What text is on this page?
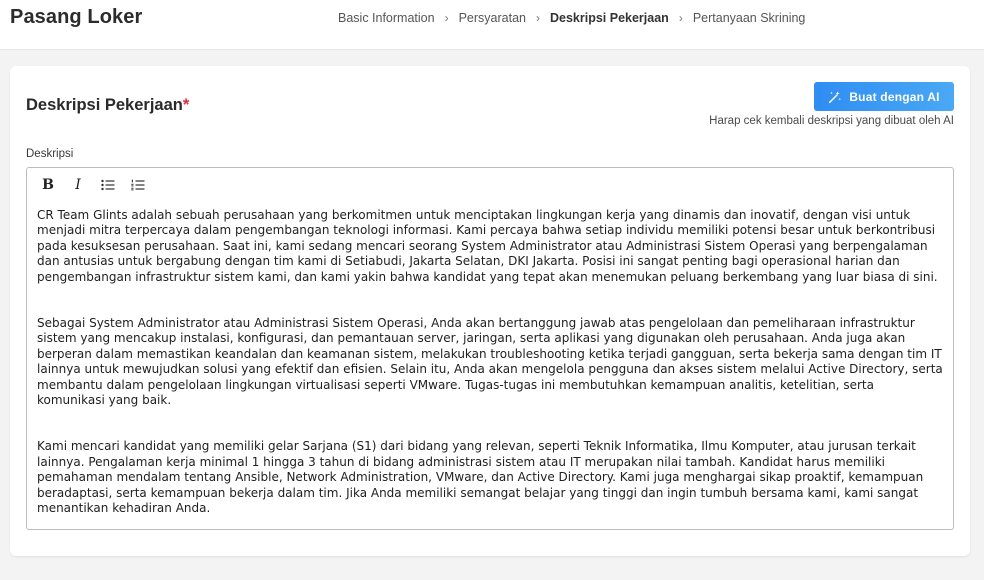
Pasang Loker	Basic Information › Persyaratan › Deskripsi Pekerjaan › Pertanyaan Skrining
Deskripsi Pekerjaan*	Buat dengan AI
Harap cek kembali deskripsi yang dibuat oleh AI
Deskripsi
B	I

CR Team Glints adalah sebuah perusahaan yang berkomitmen untuk menciptakan lingkungan kerja yang dinamis dan inovatif, dengan visi untuk menjadi mitra terpercaya dalam pengembangan teknologi informasi. Kami percaya bahwa setiap individu memiliki potensi besar untuk berkontribusi pada kesuksesan perusahaan. Saat ini, kami sedang mencari seorang System Administrator atau Administrasi Sistem Operasi yang berpengalaman dan antusias untuk bergabung dengan tim kami di Setiabudi, Jakarta Selatan, DKI Jakarta. Posisi ini sangat penting bagi operasional harian dan pengembangan infrastruktur sistem kami, dan kami yakin bahwa kandidat yang tepat akan menemukan peluang berkembang yang luar biasa di sini.

Sebagai System Administrator atau Administrasi Sistem Operasi, Anda akan bertanggung jawab atas pengelolaan dan pemeliharaan infrastruktur sistem yang mencakup instalasi, konfigurasi, dan pemantauan server, jaringan, serta aplikasi yang digunakan oleh perusahaan. Anda juga akan berperan dalam memastikan keandalan dan keamanan sistem, melakukan troubleshooting ketika terjadi gangguan, serta bekerja sama dengan tim IT lainnya untuk mewujudkan solusi yang efektif dan efisien. Selain itu, Anda akan mengelola pengguna dan akses sistem melalui Active Directory, serta membantu dalam pengelolaan lingkungan virtualisasi seperti VMware. Tugas-tugas ini membutuhkan kemampuan analitis, ketelitian, serta komunikasi yang baik.

Kami mencari kandidat yang memiliki gelar Sarjana (S1) dari bidang yang relevan, seperti Teknik Informatika, Ilmu Komputer, atau jurusan terkait lainnya. Pengalaman kerja minimal 1 hingga 3 tahun di bidang administrasi sistem atau IT merupakan nilai tambah. Kandidat harus memiliki pemahaman mendalam tentang Ansible, Network Administration, VMware, dan Active Directory. Kami juga menghargai sikap proaktif, kemampuan beradaptasi, serta kemampuan bekerja dalam tim. Jika Anda memiliki semangat belajar yang tinggi dan ingin tumbuh bersama kami, kami sangat menantikan kehadiran Anda.
